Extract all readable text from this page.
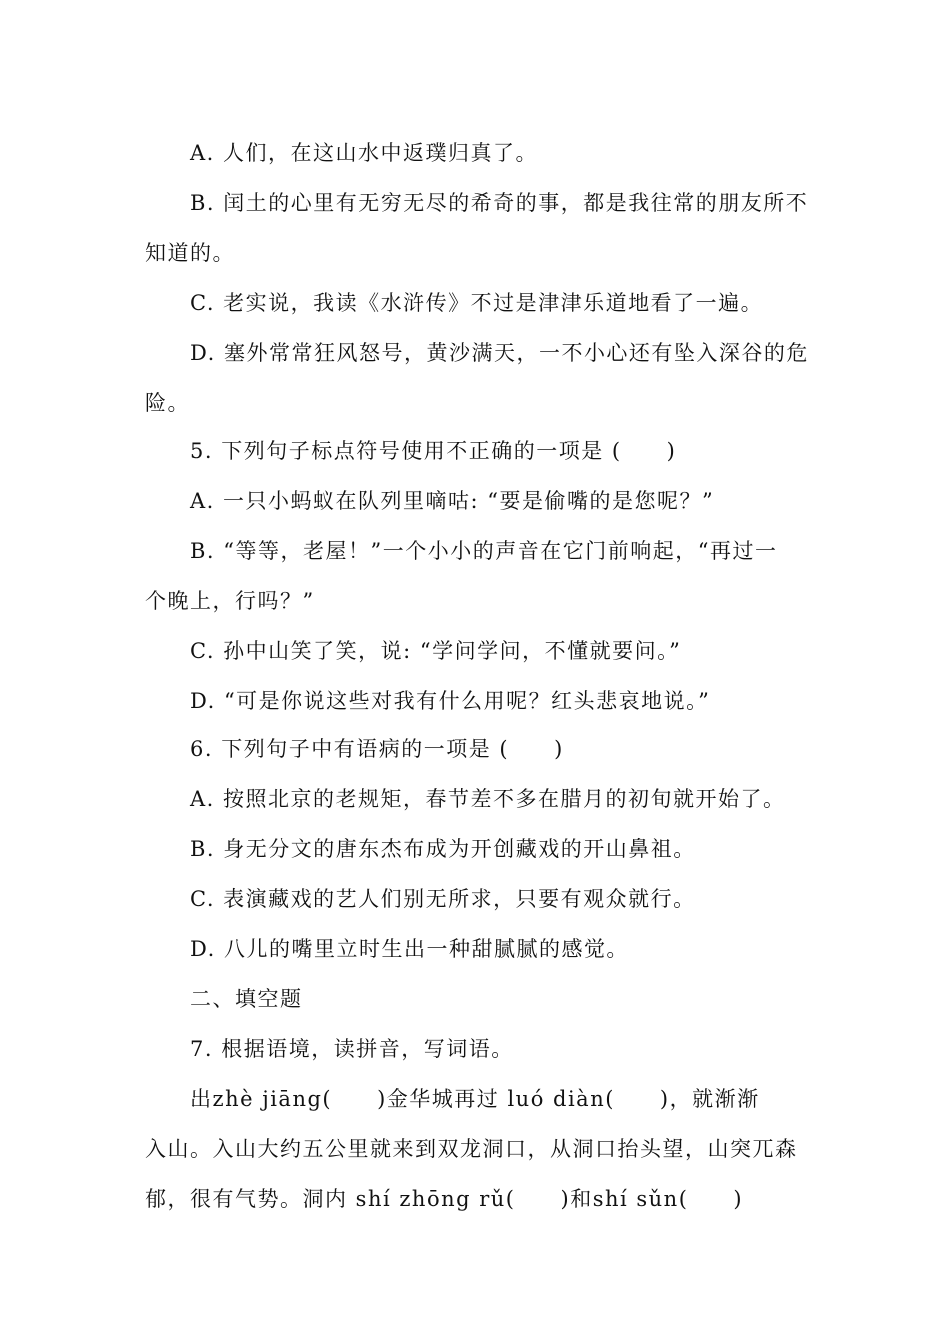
A. 人们，在这山水中返璞归真了。
B. 闰土的心里有无穷无尽的希奇的事，都是我往常的朋友所不
知道的。
C. 老实说，我读《水浒传》不过是津津乐道地看了一遍。
D. 塞外常常狂风怒号，黄沙满天，一不小心还有坠入深谷的危
险。
5. 下列句子标点符号使用不正确的一项是 (　　)
A. 一只小蚂蚁在队列里嘀咕: “要是偷嘴的是您呢？”
B. “等等，老屋！”一个小小的声音在它门前响起，“再过一
个晚上，行吗？”
C. 孙中山笑了笑，说: “学问学问，不懂就要问。”
D. “可是你说这些对我有什么用呢？红头悲哀地说。”
6. 下列句子中有语病的一项是 (　　)
A. 按照北京的老规矩，春节差不多在腊月的初旬就开始了。
B. 身无分文的唐东杰布成为开创藏戏的开山鼻祖。
C. 表演藏戏的艺人们别无所求，只要有观众就行。
D. 八儿的嘴里立时生出一种甜腻腻的感觉。
二、填空题
7. 根据语境，读拼音，写词语。
出zhè jiāng(　　)金华城再过 luó diàn(　　)，就渐渐
入山。入山大约五公里就来到双龙洞口，从洞口抬头望，山突兀森
郁，很有气势。洞内 shí zhōng rǔ(　　)和shí sǔn(　　)
